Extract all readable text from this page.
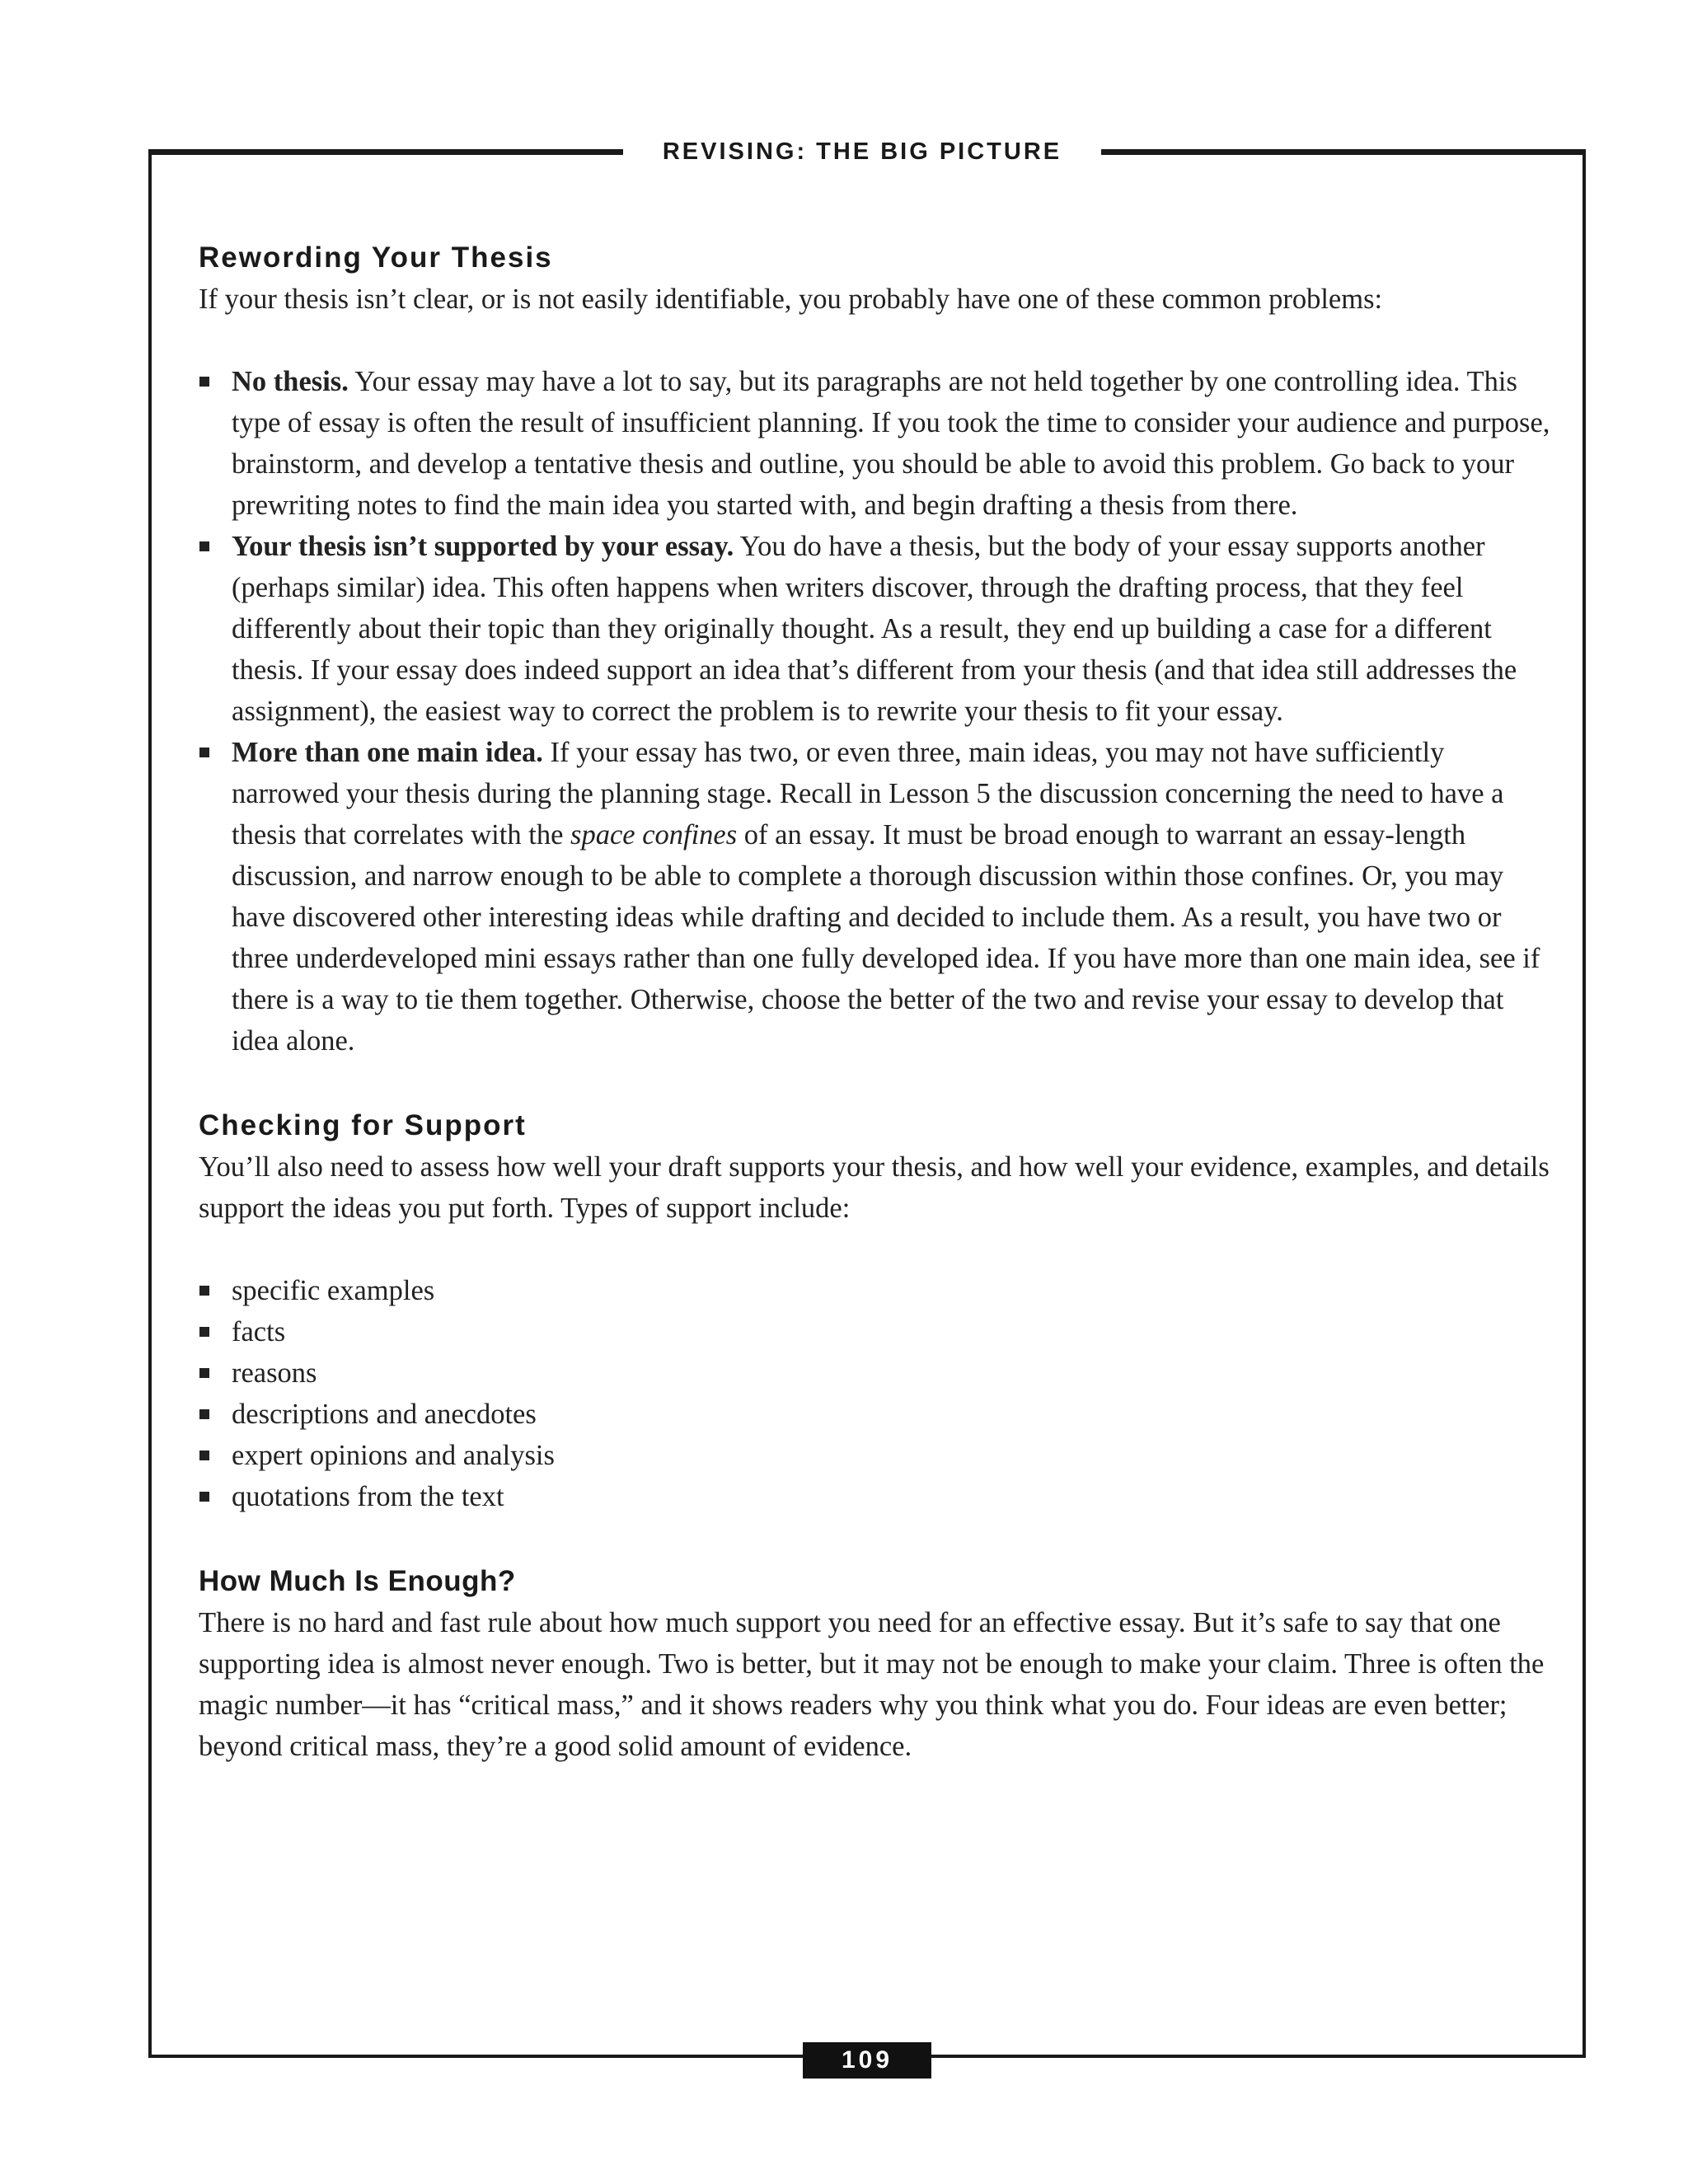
REVISING: THE BIG PICTURE
Rewording Your Thesis

If your thesis isn’t clear, or is not easily identifiable, you probably have one of these common problems:

No thesis. Your essay may have a lot to say, but its paragraphs are not held together by one controlling idea. This type of essay is often the result of insufficient planning. If you took the time to consider your audience and purpose, brainstorm, and develop a tentative thesis and outline, you should be able to avoid this problem. Go back to your prewriting notes to find the main idea you started with, and begin drafting a thesis from there.
Your thesis isn’t supported by your essay. You do have a thesis, but the body of your essay supports another (perhaps similar) idea. This often happens when writers discover, through the drafting process, that they feel differently about their topic than they originally thought. As a result, they end up building a case for a different thesis. If your essay does indeed support an idea that’s different from your thesis (and that idea still addresses the assignment), the easiest way to correct the problem is to rewrite your thesis to fit your essay.
More than one main idea. If your essay has two, or even three, main ideas, you may not have sufficiently narrowed your thesis during the planning stage. Recall in Lesson 5 the discussion concerning the need to have a thesis that correlates with the space confines of an essay. It must be broad enough to warrant an essay-length discussion, and narrow enough to be able to complete a thorough discussion within those confines. Or, you may have discovered other interesting ideas while drafting and decided to include them. As a result, you have two or three underdeveloped mini essays rather than one fully developed idea. If you have more than one main idea, see if there is a way to tie them together. Otherwise, choose the better of the two and revise your essay to develop that idea alone.
Checking for Support

You’ll also need to assess how well your draft supports your thesis, and how well your evidence, examples, and details support the ideas you put forth. Types of support include:

specific examples
facts
reasons
descriptions and anecdotes
expert opinions and analysis
quotations from the text
How Much Is Enough?

There is no hard and fast rule about how much support you need for an effective essay. But it’s safe to say that one supporting idea is almost never enough. Two is better, but it may not be enough to make your claim. Three is often the magic number—it has “critical mass,” and it shows readers why you think what you do. Four ideas are even better; beyond critical mass, they’re a good solid amount of evidence.

109
